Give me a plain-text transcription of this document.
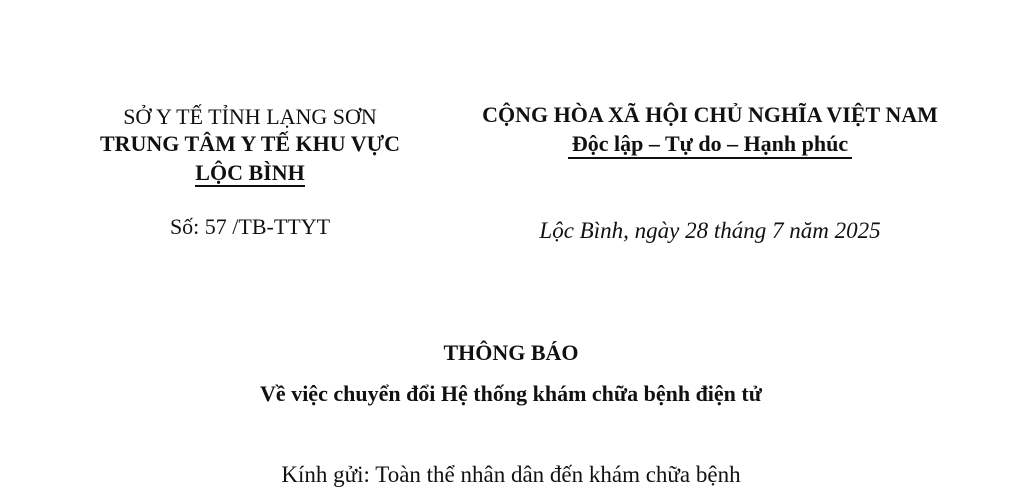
SỞ Y TẾ TỈNH LẠNG SƠN
TRUNG TÂM Y TẾ KHU VỰC
LỘC BÌNH
CỘNG HÒA XÃ HỘI CHỦ NGHĨA VIỆT NAM
Độc lập – Tự do – Hạnh phúc
Số: 57 /TB-TTYT	Lộc Bình, ngày 28 tháng 7 năm 2025
THÔNG BÁO
Về việc chuyển đổi Hệ thống khám chữa bệnh điện tử
Kính gửi: Toàn thể nhân dân đến khám chữa bệnh
